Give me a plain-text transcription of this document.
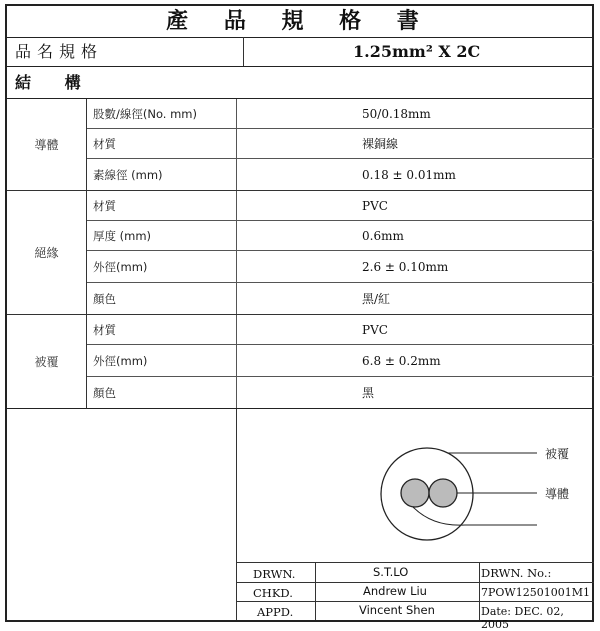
產 品 規 格 書
品名規格	1.25mm² X 2C
結 構
導體
股數/線徑(No. mm)	50/0.18mm
材質	裸銅線
素線徑 (mm)	0.18 ± 0.01mm
絕緣
材質	PVC
厚度 (mm)	0.6mm
外徑(mm)	2.6 ± 0.10mm
顏色	黑/紅
被覆
材質	PVC
外徑(mm)	6.8 ± 0.2mm
顏色	黑
被覆
導體
DRWN.	S.T.LO	DRWN. No.:
CHKD.	Andrew Liu	7POW12501001M1
APPD.	Vincent Shen	Date: DEC. 02, 2005
